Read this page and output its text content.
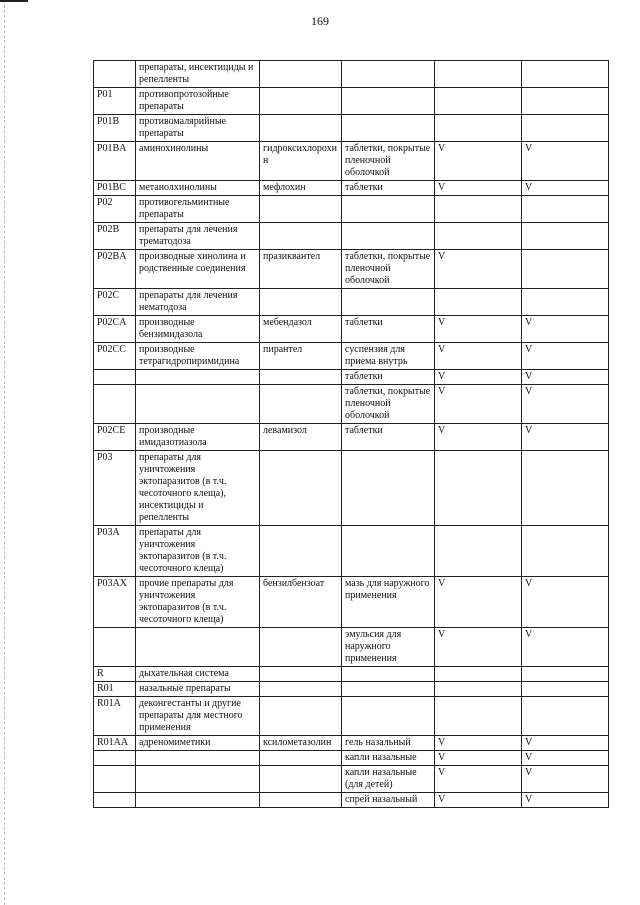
169
	препараты, инсектициды и репелленты				
P01	противопротозойные препараты				
P01B	противомалярийные препараты				
P01BA	аминохинолины	гидроксихлорохин	таблетки, покрытые пленочной оболочкой	V	V
P01BC	метанолхинолины	мефлохин	таблетки	V	V
P02	противогельминтные препараты				
P02B	препараты для лечения трематодоза				
P02BA	производные хинолина и родственные соединения	празиквантел	таблетки, покрытые пленочной оболочкой	V	
P02C	препараты для лечения нематодоза				
P02CA	производные бензимидазола	мебендазол	таблетки	V	V
P02CC	производные тетрагидропиримидина	пирантел	суспензия для приема внутрь	V	V
			таблетки	V	V
			таблетки, покрытые пленочной оболочкой	V	V
P02CE	производные имидазотиазола	левамизол	таблетки	V	V
P03	препараты для уничтожения эктопаразитов (в т.ч. чесоточного клеща), инсектициды и репелленты				
P03A	препараты для уничтожения эктопаразитов (в т.ч. чесоточного клеща)				
P03AX	прочие препараты для уничтожения эктопаразитов (в т.ч. чесоточного клеща)	бензилбензоат	мазь для наружного применения	V	V
			эмульсия для наружного применения	V	V
R	дыхательная система				
R01	назальные препараты				
R01A	деконгестанты и другие препараты для местного применения				
R01AA	адреномиметики	ксилометазолин	гель назальный	V	V
			капли назальные	V	V
			капли назальные (для детей)	V	V
			спрей назальный	V	V
